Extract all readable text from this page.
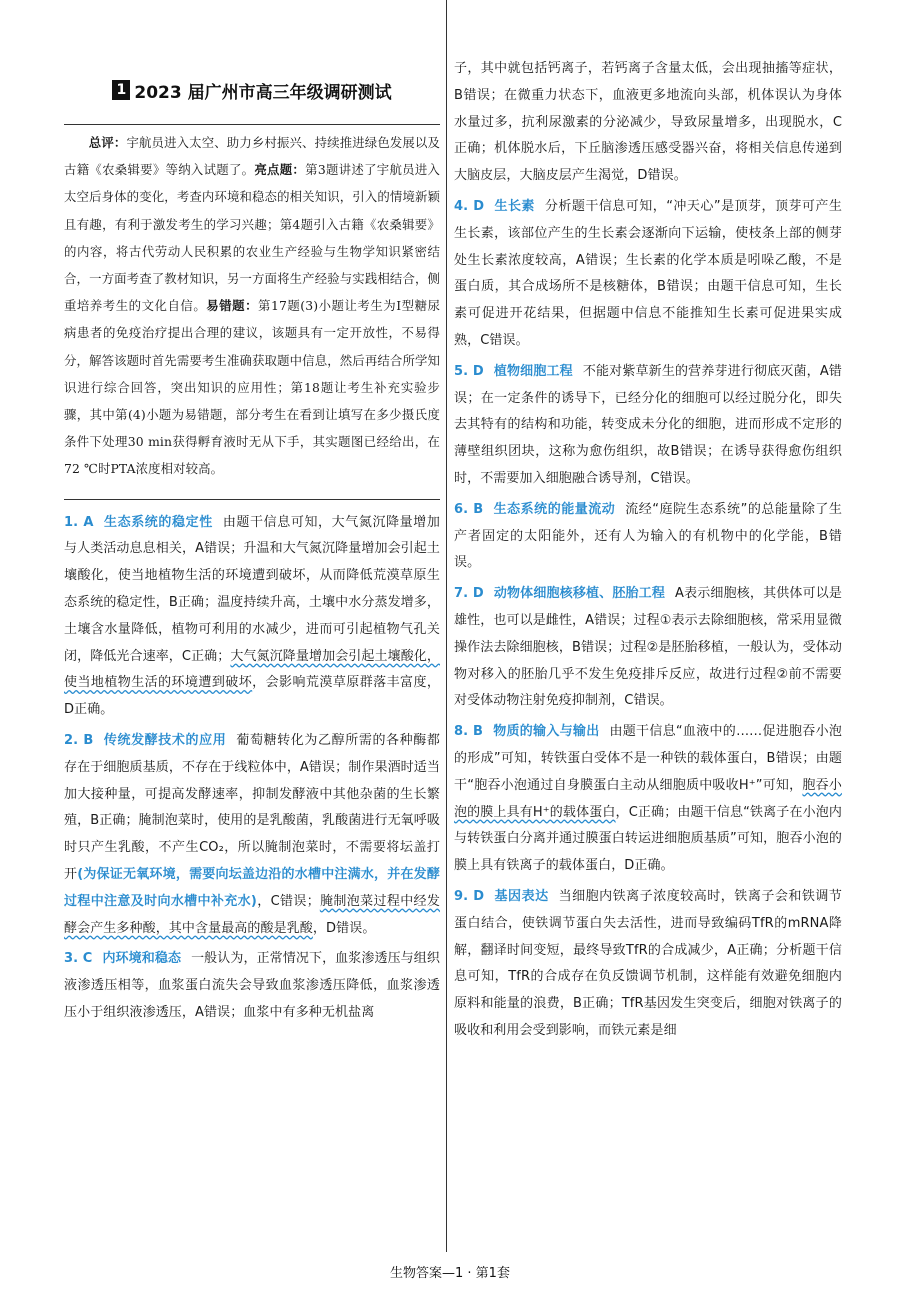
1 2023 届广州市高三年级调研测试
总评：宇航员进入太空、助力乡村振兴、持续推进绿色发展以及古籍《农桑辑要》等纳入试题了。亮点题：第3题讲述了宇航员进入太空后身体的变化，考查内环境和稳态的相关知识，引入的情境新颖且有趣，有利于激发考生的学习兴趣；第4题引入古籍《农桑辑要》的内容，将古代劳动人民积累的农业生产经验与生物学知识紧密结合，一方面考查了教材知识，另一方面将生产经验与实践相结合，侧重培养考生的文化自信。易错题：第17题(3)小题让考生为Ⅰ型糖尿病患者的免疫治疗提出合理的建议，该题具有一定开放性，不易得分，解答该题时首先需要考生准确获取题中信息，然后再结合所学知识进行综合回答，突出知识的应用性；第18题让考生补充实验步骤，其中第(4)小题为易错题，部分考生在看到让填写在多少摄氏度条件下处理30 min获得孵育液时无从下手，其实题图已经给出，在72 ℃时PTA浓度相对较高。

1. A 生态系统的稳定性 由题干信息可知，大气氮沉降量增加与人类活动息息相关，A错误；升温和大气氮沉降量增加会引起土壤酸化，使当地植物生活的环境遭到破坏，从而降低荒漠草原生态系统的稳定性，B正确；温度持续升高，土壤中水分蒸发增多，土壤含水量降低，植物可利用的水减少，进而可引起植物气孔关闭，降低光合速率，C正确；大气氮沉降量增加会引起土壤酸化，使当地植物生活的环境遭到破坏，会影响荒漠草原群落丰富度，D正确。

2. B 传统发酵技术的应用 葡萄糖转化为乙醇所需的各种酶都存在于细胞质基质，不存在于线粒体中，A错误；制作果酒时适当加大接种量，可提高发酵速率，抑制发酵液中其他杂菌的生长繁殖，B正确；腌制泡菜时，使用的是乳酸菌，乳酸菌进行无氧呼吸时只产生乳酸，不产生CO₂，所以腌制泡菜时，不需要将坛盖打开(为保证无氧环境，需要向坛盖边沿的水槽中注满水，并在发酵过程中注意及时向水槽中补充水)，C错误；腌制泡菜过程中经发酵会产生多种酸，其中含量最高的酸是乳酸，D错误。

3. C 内环境和稳态 一般认为，正常情况下，血浆渗透压与组织液渗透压相等，血浆蛋白流失会导致血浆渗透压降低，血浆渗透压小于组织液渗透压，A错误；血浆中有多种无机盐离

子，其中就包括钙离子，若钙离子含量太低，会出现抽搐等症状，B错误；在微重力状态下，血液更多地流向头部，机体误认为身体水量过多，抗利尿激素的分泌减少，导致尿量增多，出现脱水，C正确；机体脱水后，下丘脑渗透压感受器兴奋，将相关信息传递到大脑皮层，大脑皮层产生渴觉，D错误。

4. D 生长素 分析题干信息可知，“冲天心”是顶芽，顶芽可产生生长素，该部位产生的生长素会逐渐向下运输，使枝条上部的侧芽处生长素浓度较高，A错误；生长素的化学本质是吲哚乙酸，不是蛋白质，其合成场所不是核糖体，B错误；由题干信息可知，生长素可促进开花结果，但据题中信息不能推知生长素可促进果实成熟，C错误。

5. D 植物细胞工程 不能对紫草新生的营养芽进行彻底灭菌，A错误；在一定条件的诱导下，已经分化的细胞可以经过脱分化，即失去其特有的结构和功能，转变成未分化的细胞，进而形成不定形的薄壁组织团块，这称为愈伤组织，故B错误；在诱导获得愈伤组织时，不需要加入细胞融合诱导剂，C错误。

6. B 生态系统的能量流动 流经“庭院生态系统”的总能量除了生产者固定的太阳能外，还有人为输入的有机物中的化学能，B错误。

7. D 动物体细胞核移植、胚胎工程 A表示细胞核，其供体可以是雄性，也可以是雌性，A错误；过程①表示去除细胞核，常采用显微操作法去除细胞核，B错误；过程②是胚胎移植，一般认为，受体动物对移入的胚胎几乎不发生免疫排斥反应，故进行过程②前不需要对受体动物注射免疫抑制剂，C错误。

8. B 物质的输入与输出 由题干信息“血液中的……促进胞吞小泡的形成”可知，转铁蛋白受体不是一种铁的载体蛋白，B错误；由题干“胞吞小泡通过自身膜蛋白主动从细胞质中吸收H⁺”可知，胞吞小泡的膜上具有H⁺的载体蛋白，C正确；由题干信息“铁离子在小泡内与转铁蛋白分离并通过膜蛋白转运进细胞质基质”可知，胞吞小泡的膜上具有铁离子的载体蛋白，D正确。

9. D 基因表达 当细胞内铁离子浓度较高时，铁离子会和铁调节蛋白结合，使铁调节蛋白失去活性，进而导致编码TfR的mRNA降解，翻译时间变短，最终导致TfR的合成减少，A正确；分析题干信息可知，TfR的合成存在负反馈调节机制，这样能有效避免细胞内原料和能量的浪费，B正确；TfR基因发生突变后，细胞对铁离子的吸收和利用会受到影响，而铁元素是细

生物答案—1 · 第1套
